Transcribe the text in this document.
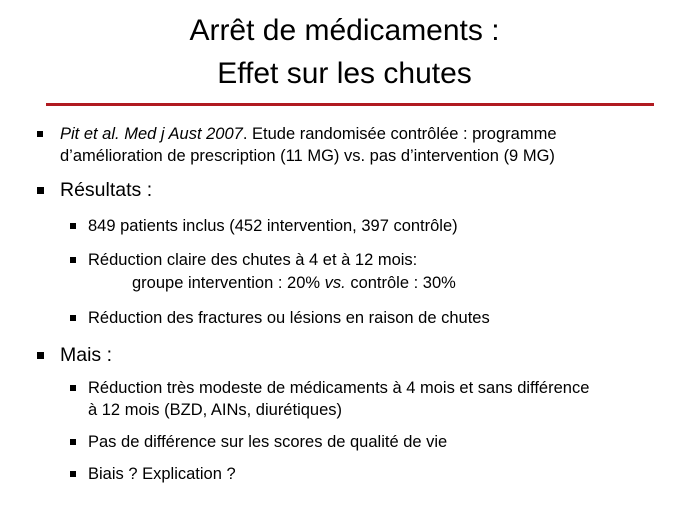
Arrêt de médicaments :
Effet sur les chutes
Pit et al. Med j Aust 2007. Etude randomisée contrôlée : programme
d’amélioration de prescription (11 MG) vs. pas d’intervention (9 MG)
Résultats :
849 patients inclus (452 intervention, 397 contrôle)
Réduction claire des chutes à 4 et à 12 mois:
groupe intervention : 20% vs. contrôle : 30%
Réduction des fractures ou lésions en raison de chutes
Mais :
Réduction très modeste de médicaments à 4 mois et sans différence
à 12 mois (BZD, AINs, diurétiques)
Pas de différence sur les scores de qualité de vie
Biais ? Explication ?
